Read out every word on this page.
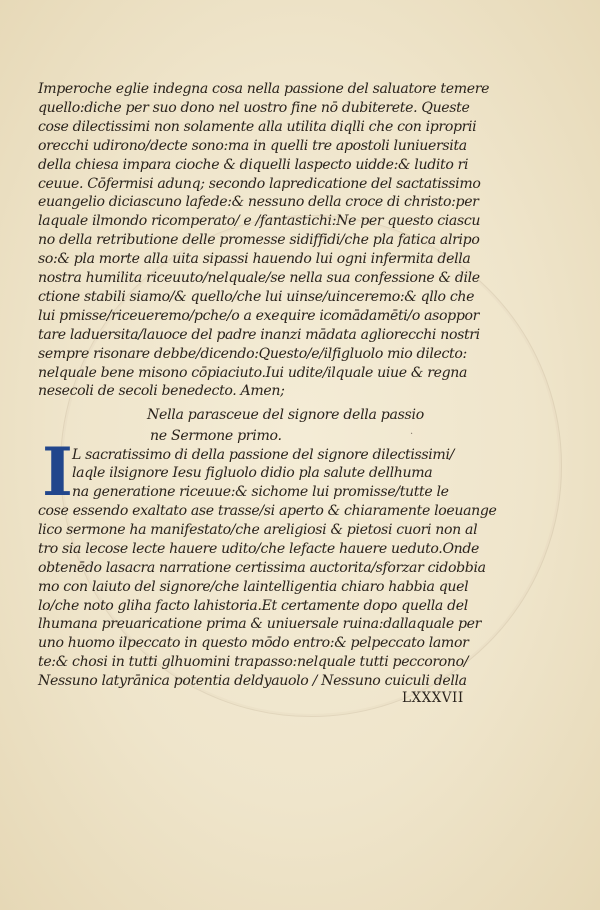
Imperoche eglie indegna cosa nella passione del saluatore temere
quello:diche per suo dono nel uostro fine nō dubiterete. Queste
cose dilectissimi non solamente alla utilita diqlli che con iproprii
orecchi udirono/decte sono:ma in quelli tre apostoli luniuersita
della chiesa impara cioche & diquelli laspecto uidde:& ludito ri
ceuue. Cōfermisi adunq; secondo lapredicatione del sactatissimo
euangelio diciascuno lafede:& nessuno della croce di christo:per
laquale ilmondo ricomperato/ e /fantastichi:Ne per questo ciascu
no della retributione delle promesse sidiffidi/che pla fatica alripo
so:& pla morte alla uita sipassi hauendo lui ogni infermita della
nostra humilita riceuuto/nelquale/se nella sua confessione & dile
ctione stabili siamo/& quello/che lui uinse/uinceremo:& qllo che
lui pmisse/riceueremo/pche/o a exequire icomādamēti/o asoppor
tare laduersita/lauoce del padre inanzi mādata agliorecchi nostri
sempre risonare debbe/dicendo:Questo/e/ilfigluolo mio dilecto:
nelquale bene misono cōpiaciuto.Iui udite/ilquale uiue & regna
nesecoli de secoli benedecto. Amen;
Nella parasceue del signore della passio
ne Sermone primo.	·
I L sacratissimo di della passione del signore dilectissimi/
laqle ilsignore Iesu figluolo didio pla salute dellhuma
na generatione riceuue:& sichome lui promisse/tutte le
cose essendo exaltato ase trasse/si aperto & chiaramente loeuange
lico sermone ha manifestato/che areligiosi & pietosi cuori non al
tro sia lecose lecte hauere udito/che lefacte hauere ueduto.Onde
obtenēdo lasacra narratione certissima auctorita/sforzar cidobbia
mo con laiuto del signore/che laintelligentia chiaro habbia quel
lo/che noto gliha facto lahistoria.Et certamente dopo quella del
lhumana preuaricatione prima & uniuersale ruina:dallaquale per
uno huomo ilpeccato in questo mōdo entro:& pelpeccato lamor
te:& chosi in tutti glhuomini trapasso:nelquale tutti peccorono/
Nessuno latyrānica potentia deldyauolo / Nessuno cuiculi della
LXXXVII
